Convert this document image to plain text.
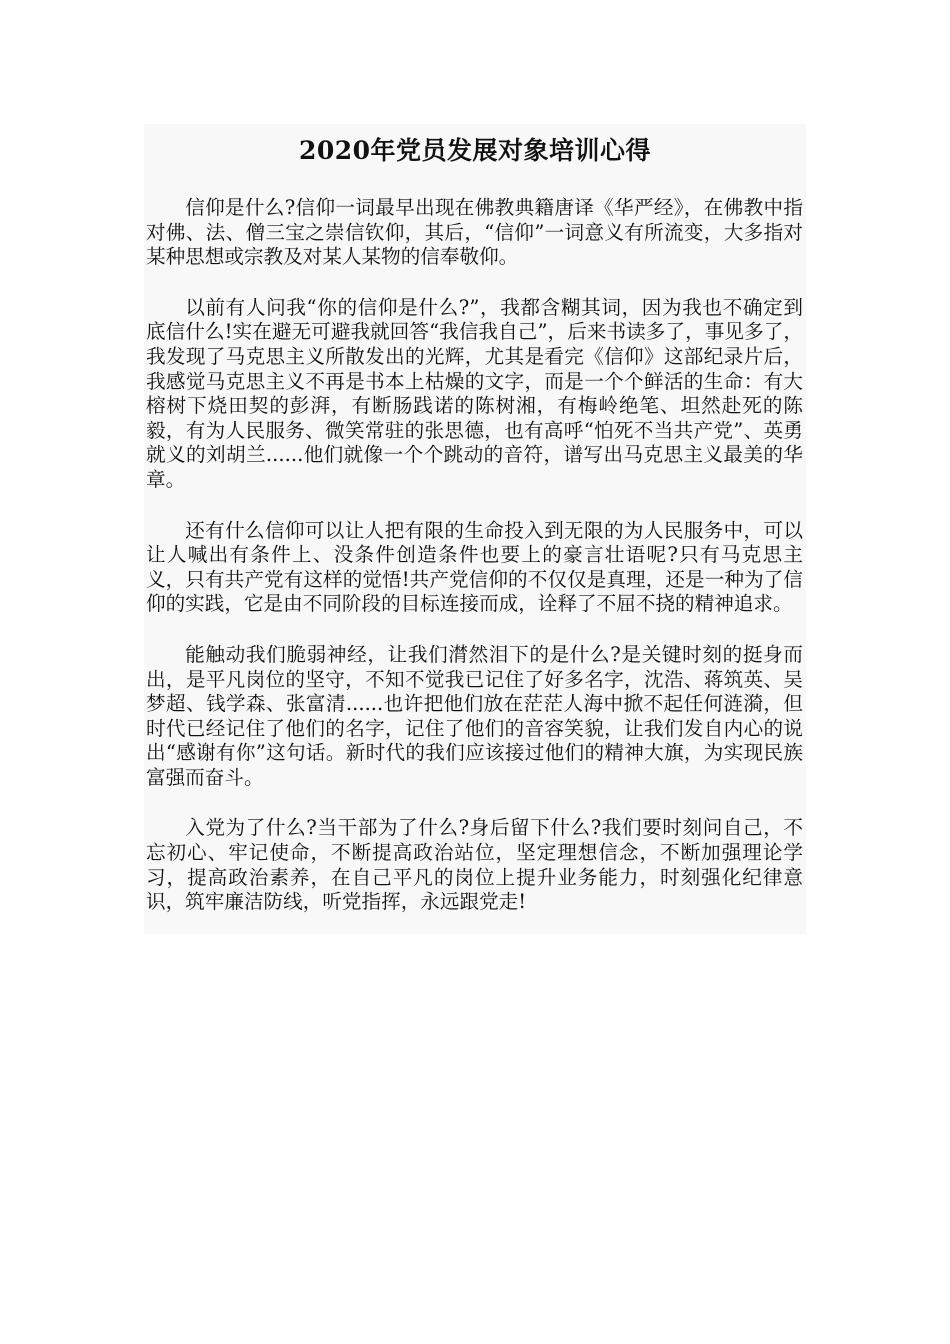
2020年党员发展对象培训心得

信仰是什么?信仰一词最早出现在佛教典籍唐译《华严经》，在佛教中指对佛、法、僧三宝之崇信钦仰，其后，“信仰”一词意义有所流变，大多指对某种思想或宗教及对某人某物的信奉敬仰。

以前有人问我“你的信仰是什么?”，我都含糊其词，因为我也不确定到底信什么!实在避无可避我就回答“我信我自己”，后来书读多了，事见多了，我发现了马克思主义所散发出的光辉，尤其是看完《信仰》这部纪录片后，我感觉马克思主义不再是书本上枯燥的文字，而是一个个鲜活的生命：有大榕树下烧田契的彭湃，有断肠践诺的陈树湘，有梅岭绝笔、坦然赴死的陈毅，有为人民服务、微笑常驻的张思德，也有高呼“怕死不当共产党”、英勇就义的刘胡兰......他们就像一个个跳动的音符，谱写出马克思主义最美的华章。

还有什么信仰可以让人把有限的生命投入到无限的为人民服务中，可以让人喊出有条件上、没条件创造条件也要上的豪言壮语呢?只有马克思主义，只有共产党有这样的觉悟!共产党信仰的不仅仅是真理，还是一种为了信仰的实践，它是由不同阶段的目标连接而成，诠释了不屈不挠的精神追求。

能触动我们脆弱神经，让我们潸然泪下的是什么?是关键时刻的挺身而出，是平凡岗位的坚守，不知不觉我已记住了好多名字，沈浩、蒋筑英、吴梦超、钱学森、张富清......也许把他们放在茫茫人海中掀不起任何涟漪，但时代已经记住了他们的名字，记住了他们的音容笑貌，让我们发自内心的说出“感谢有你”这句话。新时代的我们应该接过他们的精神大旗，为实现民族富强而奋斗。

入党为了什么?当干部为了什么?身后留下什么?我们要时刻问自己，不忘初心、牢记使命，不断提高政治站位，坚定理想信念，不断加强理论学习，提高政治素养，在自己平凡的岗位上提升业务能力，时刻强化纪律意识，筑牢廉洁防线，听党指挥，永远跟党走!
